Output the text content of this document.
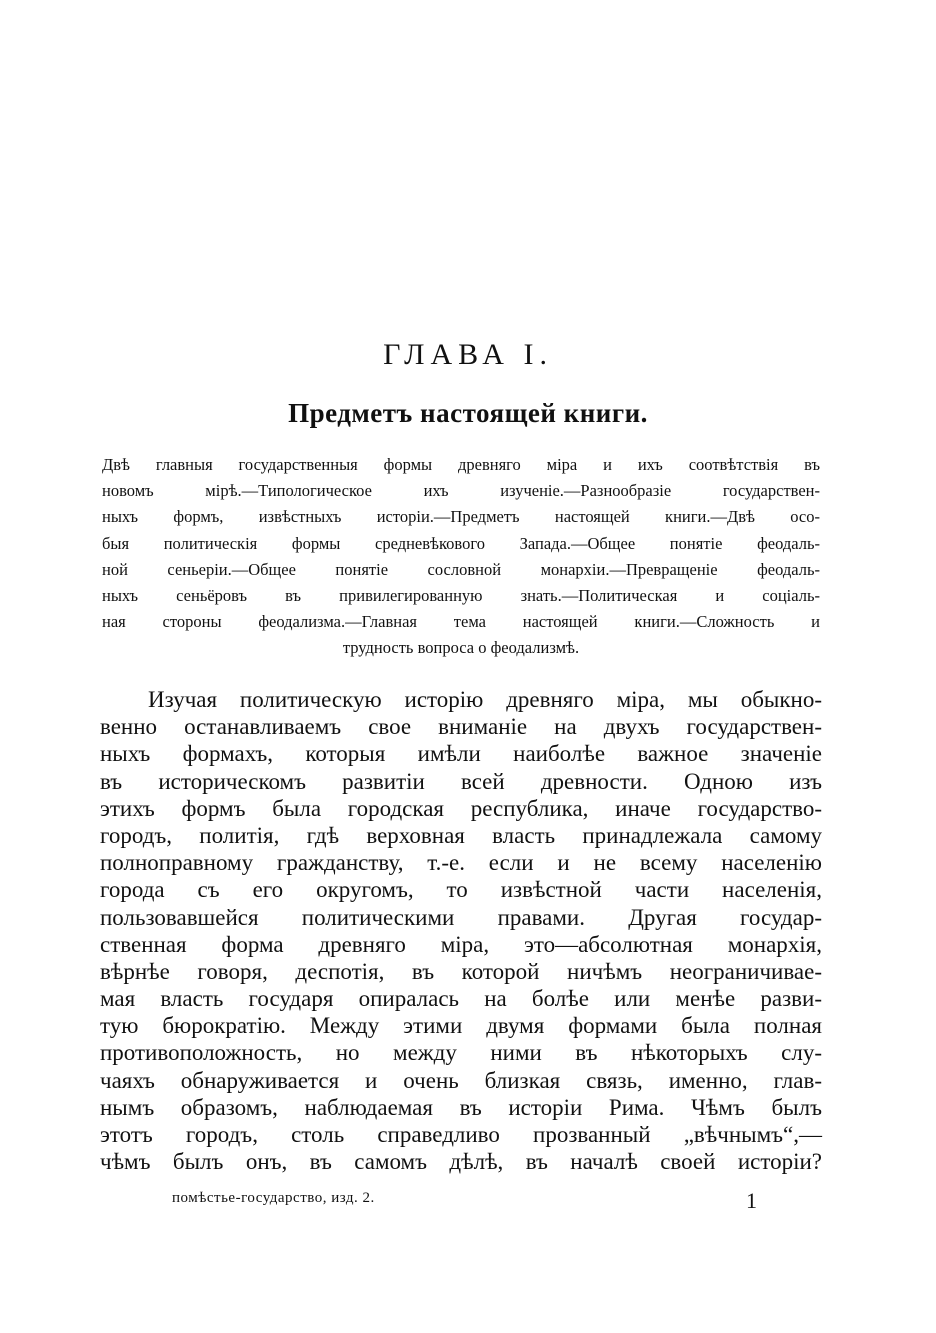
ГЛАВА I.
Предметъ настоящей книги.
Двѣ главныя государственныя формы древняго міра и ихъ соотвѣтствія въ
новомъ мірѣ.—Типологическое ихъ изученіе.—Разнообразіе государствен-
ныхъ формъ, извѣстныхъ исторіи.—Предметъ настоящей книги.—Двѣ осо-
быя политическія формы средневѣкового Запада.—Общее понятіе феодаль-
ной сеньеріи.—Общее понятіе сословной монархіи.—Превращеніе феодаль-
ныхъ сеньёровъ въ привилегированную знать.—Политическая и соціаль-
ная стороны феодализма.—Главная тема настоящей книги.—Сложность и
трудность вопроса о феодализмѣ.
Изучая политическую исторію древняго міра, мы обыкно-
венно останавливаемъ свое вниманіе на двухъ государствен-
ныхъ формахъ, которыя имѣли наиболѣе важное значеніе
въ историческомъ развитіи всей древности. Одною изъ
этихъ формъ была городская республика, иначе государство-
городъ, политія, гдѣ верховная власть принадлежала самому
полноправному гражданству, т.-е. если и не всему населенію
города съ его округомъ, то извѣстной части населенія,
пользовавшейся политическими правами. Другая государ-
ственная форма древняго міра, это—абсолютная монархія,
вѣрнѣе говоря, деспотія, въ которой ничѣмъ неограничивае-
мая власть государя опиралась на болѣе или менѣе разви-
тую бюрократію. Между этими двумя формами была полная
противоположность, но между ними въ нѣкоторыхъ слу-
чаяхъ обнаруживается и очень близкая связь, именно, глав-
нымъ образомъ, наблюдаемая въ исторіи Рима. Чѣмъ былъ
этотъ городъ, столь справедливо прозванный „вѣчнымъ“,—
чѣмъ былъ онъ, въ самомъ дѣлѣ, въ началѣ своей исторіи?
помѣстье-государство, изд. 2.	1
